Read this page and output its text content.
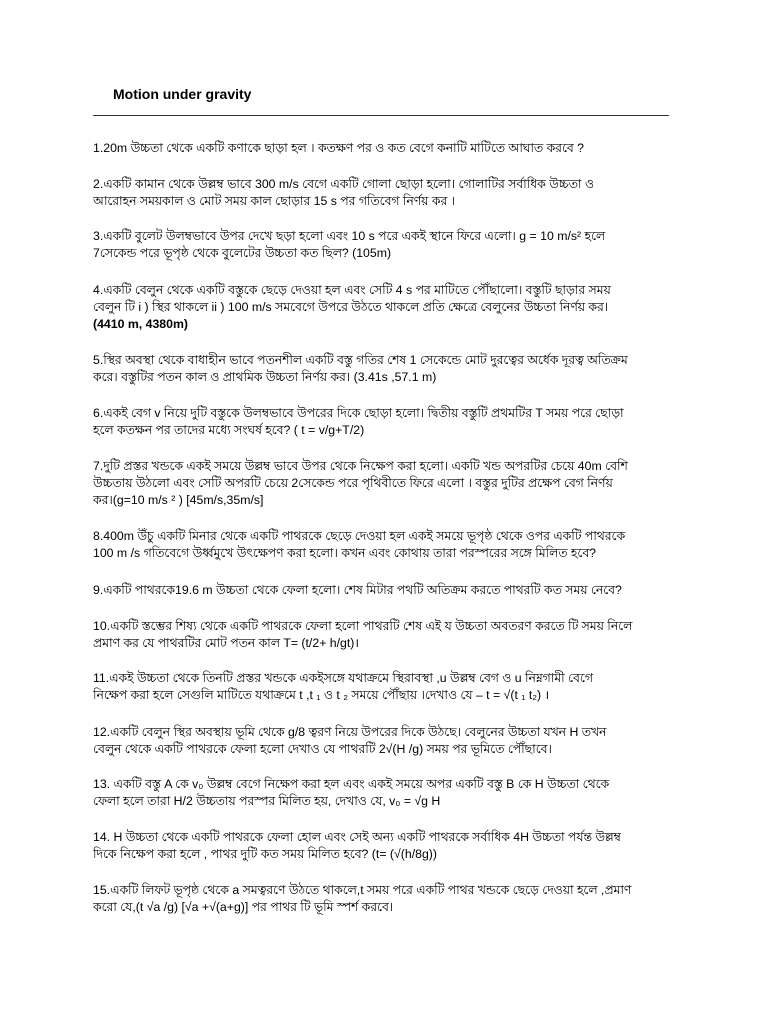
Motion under gravity
1.20m উচ্চতা থেকে একটি কণাকে ছাড়া হল । কতক্ষণ পর ও কত বেগে কনাটি মাটিতে আঘাত করবে ?
2.একটি কামান থেকে উল্লম্ব ভাবে 300 m/s বেগে একটি গোলা ছোড়া হলো। গোলাটির সর্বাধিক উচ্চতা ও
আরোহন সময়কাল ও মোট সময় কাল ছোড়ার 15 s পর গতিবেগ নির্ণয় কর ।
3.একটি বুলেট উলম্বভাবে উপর দেখে ছড়া হলো এবং 10 s পরে একই স্থানে ফিরে এলো। g = 10 m/s² হলে
7সেকেন্ড পরে ভূপৃষ্ঠ থেকে বুলেটের উচ্চতা কত ছিল? (105m)
4.একটি বেলুন থেকে একটি বস্তুকে ছেড়ে দেওয়া হল এবং সেটি 4 s পর মাটিতে পৌঁছালো। বস্তুটি ছাড়ার সময়
বেলুন টি i ) স্থির থাকলে ii ) 100 m/s সমবেগে উপরে উঠতে থাকলে প্রতি ক্ষেত্রে বেলুনের উচ্চতা নির্ণয় কর।
(4410 m, 4380m)
5.স্থির অবস্থা থেকে বাধাহীন ভাবে পতনশীল একটি বস্তু গতির শেষ 1 সেকেন্ডে মোট দুরত্বের অর্ধেক দূরত্ব অতিক্রম
করে। বস্তুটির পতন কাল ও প্রাথমিক উচ্চতা নির্ণয় কর। (3.41s ,57.1 m)
6.একই বেগ v নিয়ে দুটি বস্তুকে উলম্বভাবে উপরের দিকে ছোড়া হলো। দ্বিতীয় বস্তুটি প্রথমটির T সময় পরে ছোড়া
হলে কতক্ষন পর তাদের মধ্যে সংঘর্ষ হবে? ( t = v/g+T/2)
7.দুটি প্রস্তর খন্ডকে একই সময়ে উল্লম্ব ভাবে উপর থেকে নিক্ষেপ করা হলো। একটি খন্ড অপরটির চেয়ে 40m বেশি
উচ্চতায় উঠলো এবং সেটি অপরটি চেয়ে 2সেকেন্ড পরে পৃথিবীতে ফিরে এলো । বস্তুর দুটির প্রক্ষেপ বেগ নির্ণয়
কর।(g=10 m/s ² ) [45m/s,35m/s]
8.400m উঁচু একটি মিনার থেকে একটি পাথরকে ছেড়ে দেওয়া হল একই সময়ে ভূপৃষ্ঠ থেকে ওপর একটি পাথরকে
100 m /s গতিবেগে উর্ধ্বমুখে উৎক্ষেপণ করা হলো। কখন এবং কোথায় তারা পরস্পরের সঙ্গে মিলিত হবে?
9.একটি পাথরকে19.6 m উচ্চতা থেকে ফেলা হলো। শেষ মিটার পথটি অতিক্রম করতে পাথরটি কত সময় নেবে?
10.একটি স্তম্ভের শিষ্য থেকে একটি পাথরকে ফেলা হলো পাথরটি শেষ এই য উচ্চতা অবতরণ করতে টি সময় নিলে
প্রমাণ কর যে পাথরটির মোট পতন কাল T= (t/2+ h/gt)।
11.একই উচ্চতা থেকে তিনটি প্রস্তর খন্ডকে একইসঙ্গে যথাক্রমে স্থিরাবস্থা ,u উল্লম্ব বেগ ও u নিম্নগামী বেগে
নিক্ষেপ করা হলে সেগুলি মাটিতে যথাক্রমে t ,t ₁ ও t ₂ সময়ে পৌঁছায় ।দেখাও যে – t = √(t ₁ t₂) ।
12.একটি বেলুন স্থির অবস্থায় ভূমি থেকে g/8 ত্বরণ নিয়ে উপরের দিকে উঠছে। বেলুনের উচ্চতা যখন H তখন
বেলুন থেকে একটি পাথরকে ফেলা হলো দেখাও যে পাথরটি 2√(H /g) সময় পর ভূমিতে পৌঁছাবে।
13. একটি বস্তু A কে v₀ উল্লম্ব বেগে নিক্ষেপ করা হল এবং একই সময়ে অপর একটি বস্তু B কে H উচ্চতা থেকে
ফেলা হলে তারা H/2 উচ্চতায় পরস্পর মিলিত হয়, দেখাও যে, v₀ = √g H
14. H উচ্চতা থেকে একটি পাথরকে ফেলা হোল এবং সেই অন্য একটি পাথরকে সর্বাধিক 4H উচ্চতা পর্যন্ত উল্লম্ব
দিকে নিক্ষেপ করা হলে , পাথর দুটি কত সময় মিলিত হবে? (t= (√(h/8g))
15.একটি লিফট ভূপৃষ্ঠ থেকে a সমত্বরণে উঠতে থাকলে,t সময় পরে একটি পাথর খন্ডকে ছেড়ে দেওয়া হলে ,প্রমাণ
করো যে,(t √a /g) [√a +√(a+g)] পর পাথর টি ভূমি স্পর্শ করবে।
